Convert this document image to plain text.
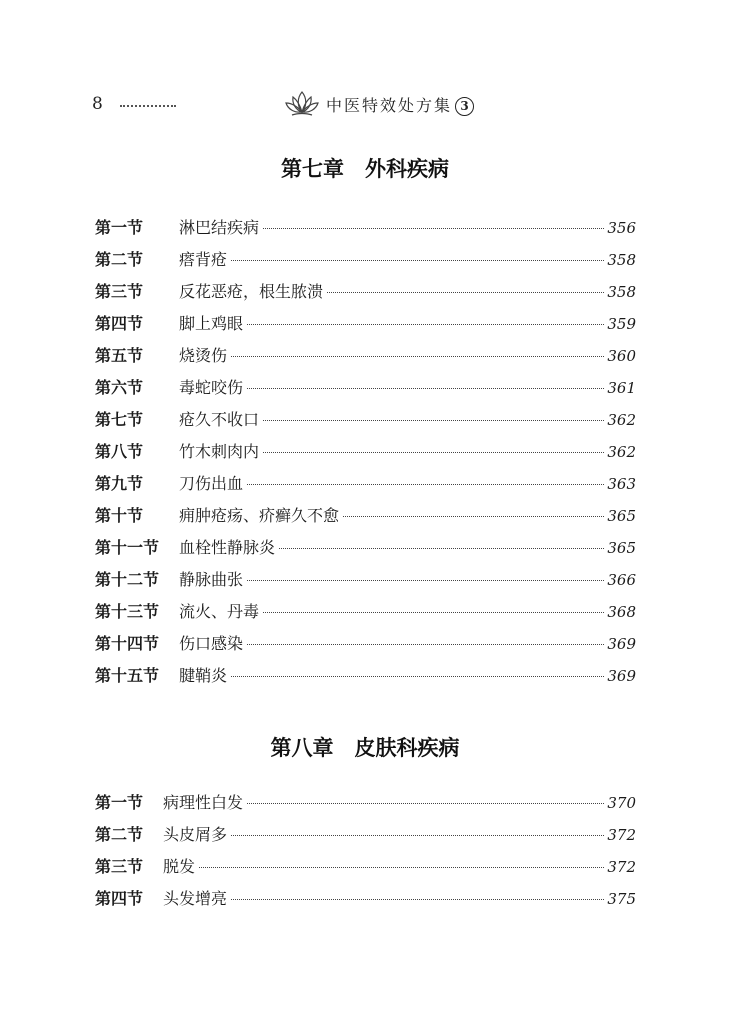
8	中医特效处方集 3
第七章　外科疾病
第一节	淋巴结疾病	356
第二节	瘩背疮	358
第三节	反花恶疮，根生脓溃	358
第四节	脚上鸡眼	359
第五节	烧烫伤	360
第六节	毒蛇咬伤	361
第七节	疮久不收口	362
第八节	竹木刺肉内	362
第九节	刀伤出血	363
第十节	痈肿疮疡、疥癣久不愈	365
第十一节	血栓性静脉炎	365
第十二节	静脉曲张	366
第十三节	流火、丹毒	368
第十四节	伤口感染	369
第十五节	腱鞘炎	369
第八章　皮肤科疾病
第一节	病理性白发	370
第二节	头皮屑多	372
第三节	脱发	372
第四节	头发增亮	375
